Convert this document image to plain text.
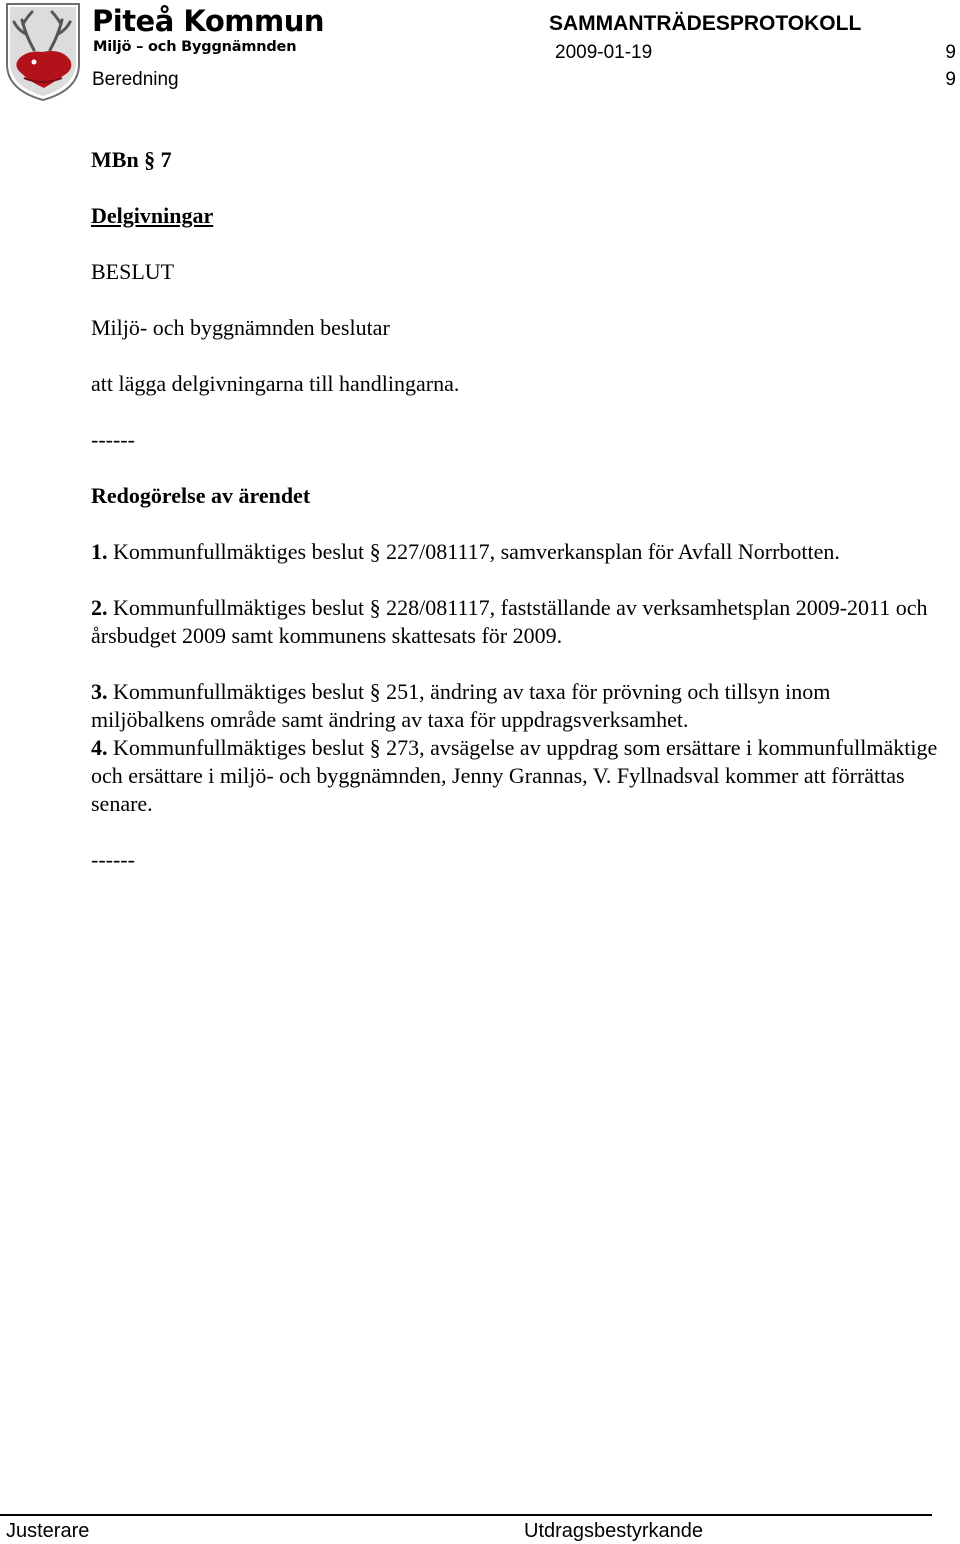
Piteå Kommun
Miljö – och Byggnämnden
SAMMANTRÄDESPROTOKOLL
2009-01-19	9
Beredning	9
MBn § 7
Delgivningar
BESLUT
Miljö- och byggnämnden beslutar
att lägga delgivningarna till handlingarna.
------
Redogörelse av ärendet
1. Kommunfullmäktiges beslut § 227/081117, samverkansplan för Avfall Norrbotten.
2. Kommunfullmäktiges beslut § 228/081117, fastställande av verksamhetsplan 2009-2011 och årsbudget 2009 samt kommunens skattesats för 2009.
3. Kommunfullmäktiges beslut § 251, ändring av taxa för prövning och tillsyn inom miljöbalkens område samt ändring av taxa för uppdragsverksamhet.
4. Kommunfullmäktiges beslut § 273, avsägelse av uppdrag som ersättare i kommunfullmäktige och ersättare i miljö- och byggnämnden, Jenny Grannas, V. Fyllnadsval kommer att förrättas senare.
------
Justerare	Utdragsbestyrkande
